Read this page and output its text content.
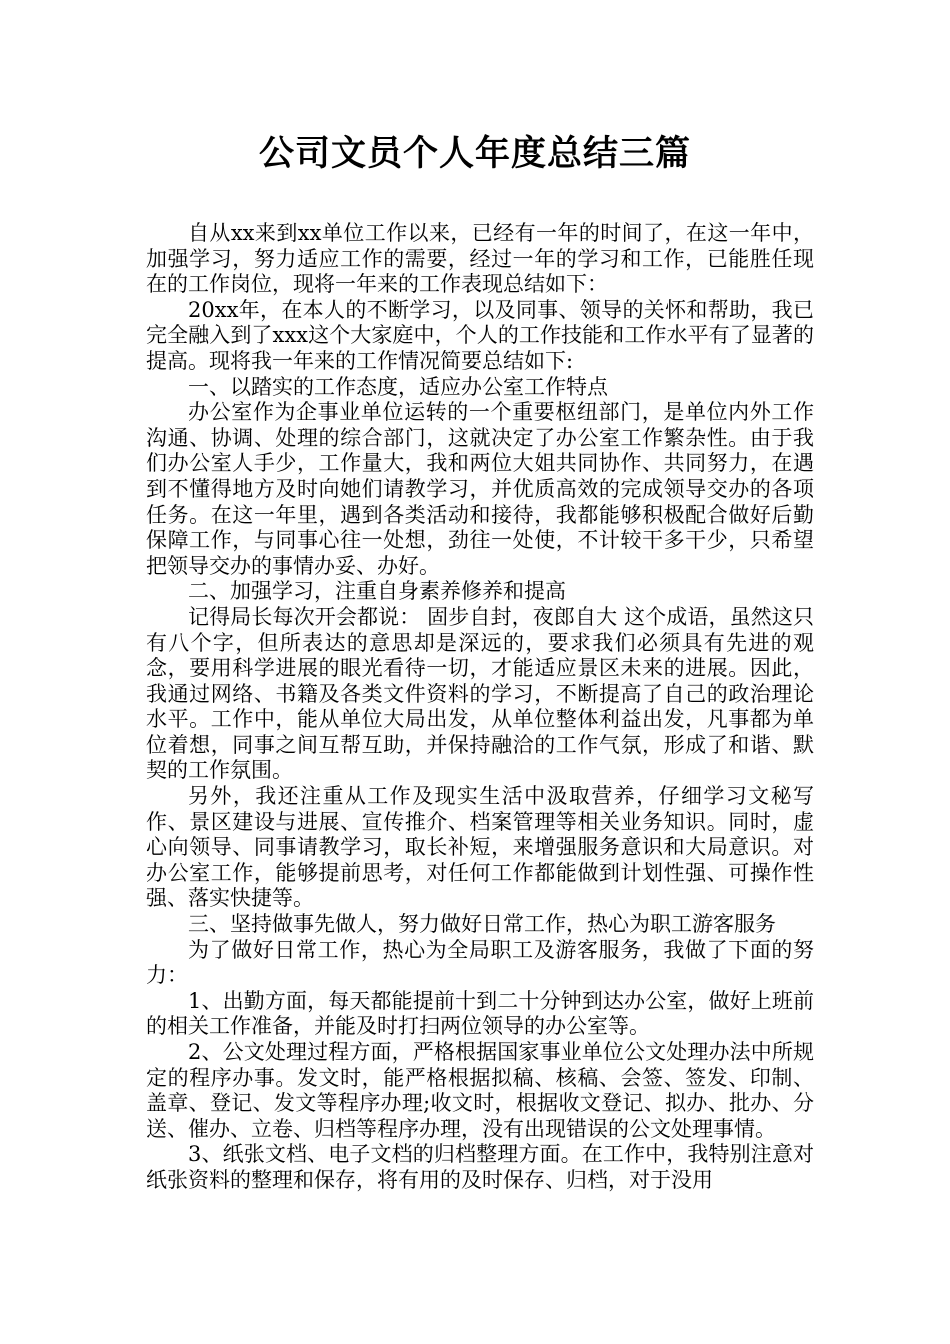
公司文员个人年度总结三篇

自从xx来到xx单位工作以来，已经有一年的时间了，在这一年中，加强学习，努力适应工作的需要，经过一年的学习和工作，已能胜任现在的工作岗位，现将一年来的工作表现总结如下：

20xx年，在本人的不断学习，以及同事、领导的关怀和帮助，我已完全融入到了xxx这个大家庭中，个人的工作技能和工作水平有了显著的提高。现将我一年来的工作情况简要总结如下:

一、以踏实的工作态度，适应办公室工作特点

办公室作为企事业单位运转的一个重要枢纽部门，是单位内外工作沟通、协调、处理的综合部门，这就决定了办公室工作繁杂性。由于我们办公室人手少，工作量大，我和两位大姐共同协作、共同努力，在遇到不懂得地方及时向她们请教学习，并优质高效的完成领导交办的各项任务。在这一年里，遇到各类活动和接待，我都能够积极配合做好后勤保障工作，与同事心往一处想，劲往一处使，不计较干多干少，只希望把领导交办的事情办妥、办好。

二、加强学习，注重自身素养修养和提高

记得局长每次开会都说： 固步自封，夜郎自大 这个成语，虽然这只有八个字，但所表达的意思却是深远的，要求我们必须具有先进的观念，要用科学进展的眼光看待一切，才能适应景区未来的进展。因此，我通过网络、书籍及各类文件资料的学习，不断提高了自己的政治理论水平。工作中，能从单位大局出发，从单位整体利益出发，凡事都为单位着想，同事之间互帮互助，并保持融洽的工作气氛，形成了和谐、默契的工作氛围。

另外，我还注重从工作及现实生活中汲取营养，仔细学习文秘写作、景区建设与进展、宣传推介、档案管理等相关业务知识。同时，虚心向领导、同事请教学习，取长补短，来增强服务意识和大局意识。对办公室工作，能够提前思考，对任何工作都能做到计划性强、可操作性强、落实快捷等。

三、坚持做事先做人，努力做好日常工作，热心为职工游客服务

为了做好日常工作，热心为全局职工及游客服务，我做了下面的努力：

1、出勤方面，每天都能提前十到二十分钟到达办公室，做好上班前的相关工作准备，并能及时打扫两位领导的办公室等。

2、公文处理过程方面，严格根据国家事业单位公文处理办法中所规定的程序办事。发文时，能严格根据拟稿、核稿、会签、签发、印制、盖章、登记、发文等程序办理;收文时，根据收文登记、拟办、批办、分送、催办、立卷、归档等程序办理，没有出现错误的公文处理事情。

3、纸张文档、电子文档的归档整理方面。在工作中，我特别注意对纸张资料的整理和保存，将有用的及时保存、归档，对于没用
